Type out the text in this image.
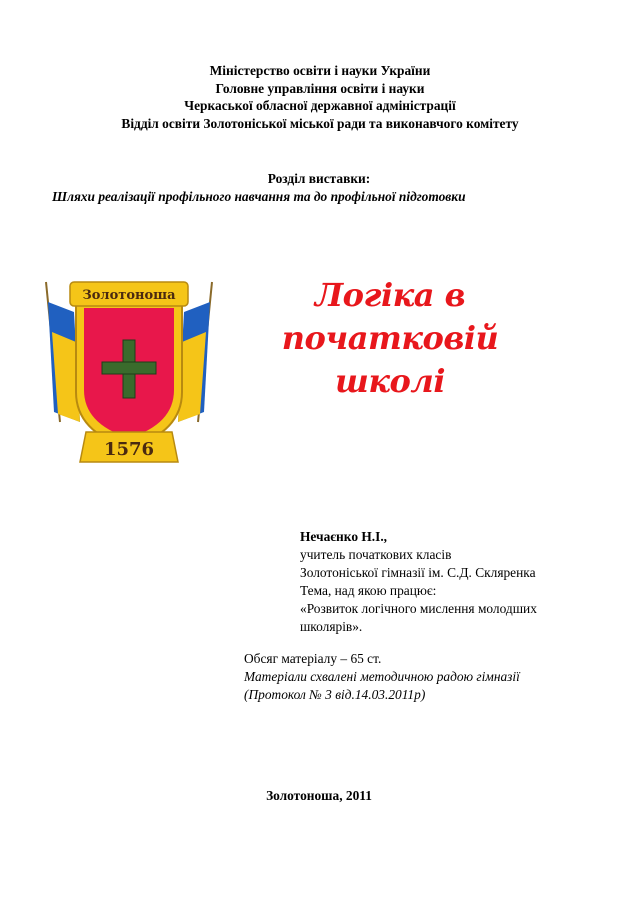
Міністерство освіти і науки України
Головне управління освіти і науки
Черкаської обласної державної адміністрації
Відділ освіти Золотоніської міської ради та виконавчого комітету
Розділ виставки:
Шляхи реалізації профільного навчання та до профільної підготовки
Золотоноша
1576
Логіка в початковій
школі
Нечаєнко Н.І.,
учитель початкових класів
Золотоніської гімназії ім. С.Д. Скляренка
Тема, над якою працює:
«Розвиток логічного мислення молодших
школярів».
Обсяг матеріалу – 65 ст.
Матеріали схвалені методичною радою гімназії
(Протокол № 3 від.14.03.2011р)
Золотоноша, 2011
